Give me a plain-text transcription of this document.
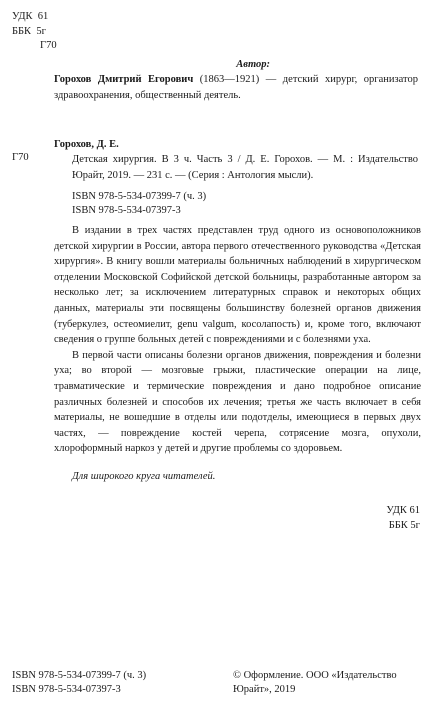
УДК 61
ББК 5г
Г70
Автор:

Горохов Дмитрий Егорович (1863—1921) — детский хирург, организатор здравоохранения, общественный деятель.

Г70
Горохов, Д. Е.

Детская хирургия. В 3 ч. Часть 3 / Д. Е. Горохов. — М. : Издательство Юрайт, 2019. — 231 с. — (Серия : Антология мысли).

ISBN 978-5-534-07399-7 (ч. 3)
ISBN 978-5-534-07397-3

В издании в трех частях представлен труд одного из основоположников детской хирургии в России, автора первого отечественного руководства «Детская хирургия». В книгу вошли материалы больничных наблюдений в хирургическом отделении Московской Софийской детской больницы, разработанные автором за несколько лет; за исключением литературных справок и некоторых общих данных, материалы эти посвящены большинству болезней органов движения (туберкулез, остеомиелит, genu valgum, косолапость) и, кроме того, включают сведения о группе больных детей с повреждениями и с болезнями уха.

В первой части описаны болезни органов движения, повреждения и болезни уха; во второй — мозговые грыжи, пластические операции на лице, травматические и термические повреждения и дано подробное описание различных болезней и способов их лечения; третья же часть включает в себя материалы, не вошедшие в отделы или подотделы, имеющиеся в первых двух частях, — повреждение костей черепа, сотрясение мозга, опухоли, хлороформный наркоз у детей и другие проблемы со здоровьем.

Для широкого круга читателей.
УДК 61
ББК 5г
ISBN 978-5-534-07399-7 (ч. 3)
ISBN 978-5-534-07397-3
© Оформление. ООО «Издательство Юрайт», 2019
